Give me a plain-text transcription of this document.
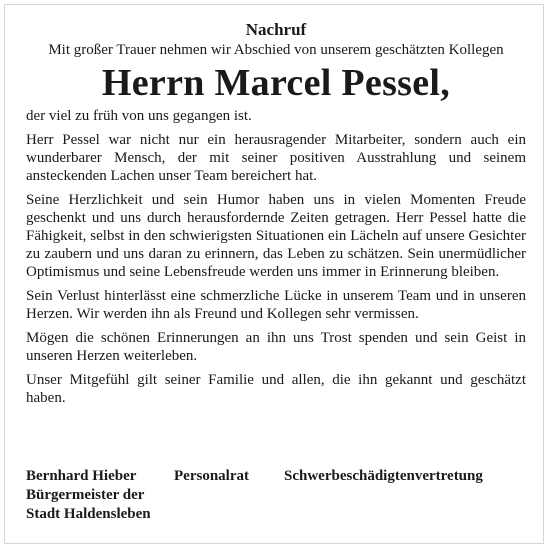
Nachruf
Mit großer Trauer nehmen wir Abschied von unserem geschätzten Kollegen
Herrn Marcel Pessel,

der viel zu früh von uns gegangen ist.

Herr Pessel war nicht nur ein herausragender Mitarbeiter, sondern auch ein wunderbarer Mensch, der mit seiner positiven Ausstrahlung und seinem ansteckenden Lachen unser Team bereichert hat.

Seine Herzlichkeit und sein Humor haben uns in vielen Momenten Freude geschenkt und uns durch herausfordernde Zeiten getragen. Herr Pessel hatte die Fähigkeit, selbst in den schwierigsten Situationen ein Lächeln auf unsere Gesichter zu zaubern und uns daran zu erinnern, das Leben zu schätzen. Sein unermüdlicher Optimismus und seine Lebensfreude werden uns immer in Erinnerung bleiben.

Sein Verlust hinterlässt eine schmerzliche Lücke in unserem Team und in unseren Herzen. Wir werden ihn als Freund und Kollegen sehr vermissen.

Mögen die schönen Erinnerungen an ihn uns Trost spenden und sein Geist in unseren Herzen weiterleben.

Unser Mitgefühl gilt seiner Familie und allen, die ihn gekannt und geschätzt haben.

Bernhard Hieber
Bürgermeister der
Stadt Haldensleben
Personalrat Schwerbeschädigtenvertretung
